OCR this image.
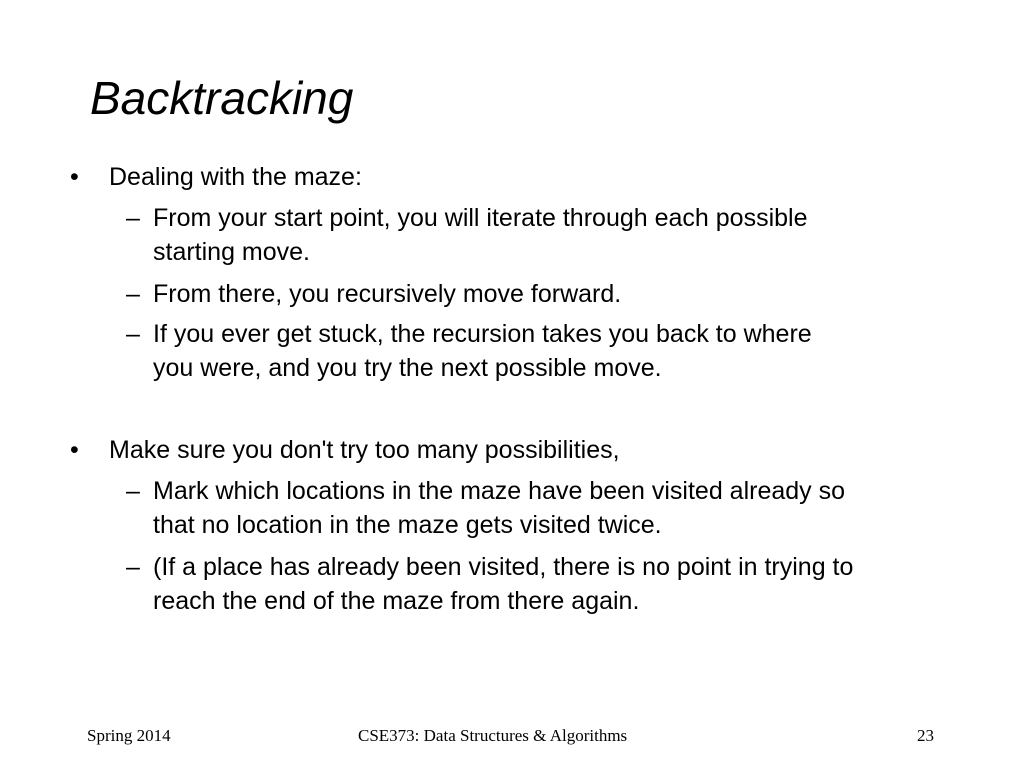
Backtracking
• Dealing with the maze:
– From your start point, you will iterate through each possible
starting move.
– From there, you recursively move forward.
– If you ever get stuck, the recursion takes you back to where
you were, and you try the next possible move.
• Make sure you don't try too many possibilities,
– Mark which locations in the maze have been visited already so
that no location in the maze gets visited twice.
– (If a place has already been visited, there is no point in trying to
reach the end of the maze from there again.
Spring 2014	CSE373: Data Structures & Algorithms	23
